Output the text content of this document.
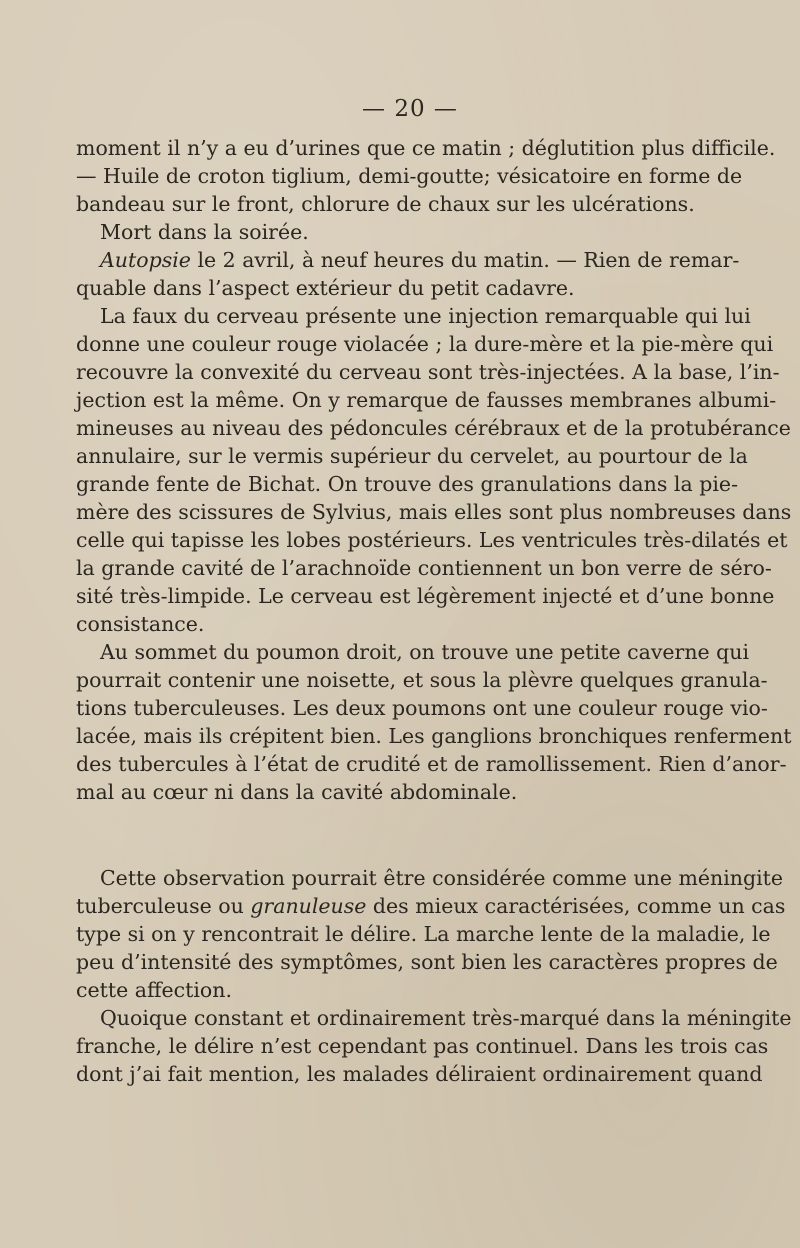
— 20 —

moment il n’y a eu d’urines que ce matin ; déglutition plus difficile.
— Huile de croton tiglium, demi-goutte; vésicatoire en forme de
bandeau sur le front, chlorure de chaux sur les ulcérations.

Mort dans la soirée.

Autopsie le 2 avril, à neuf heures du matin. — Rien de remar-
quable dans l’aspect extérieur du petit cadavre.

La faux du cerveau présente une injection remarquable qui lui
donne une couleur rouge violacée ; la dure-mère et la pie-mère qui
recouvre la convexité du cerveau sont très-injectées. A la base, l’in-
jection est la même. On y remarque de fausses membranes albumi-
mineuses au niveau des pédoncules cérébraux et de la protubérance
annulaire, sur le vermis supérieur du cervelet, au pourtour de la
grande fente de Bichat. On trouve des granulations dans la pie-
mère des scissures de Sylvius, mais elles sont plus nombreuses dans
celle qui tapisse les lobes postérieurs. Les ventricules très-dilatés et
la grande cavité de l’arachnoïde contiennent un bon verre de séro-
sité très-limpide. Le cerveau est légèrement injecté et d’une bonne
consistance.

Au sommet du poumon droit, on trouve une petite caverne qui
pourrait contenir une noisette, et sous la plèvre quelques granula-
tions tuberculeuses. Les deux poumons ont une couleur rouge vio-
lacée, mais ils crépitent bien. Les ganglions bronchiques renferment
des tubercules à l’état de crudité et de ramollissement. Rien d’anor-
mal au cœur ni dans la cavité abdominale.

Cette observation pourrait être considérée comme une méningite
tuberculeuse ou granuleuse des mieux caractérisées, comme un cas
type si on y rencontrait le délire. La marche lente de la maladie, le
peu d’intensité des symptômes, sont bien les caractères propres de
cette affection.

Quoique constant et ordinairement très-marqué dans la méningite
franche, le délire n’est cependant pas continuel. Dans les trois cas
dont j’ai fait mention, les malades déliraient ordinairement quand
